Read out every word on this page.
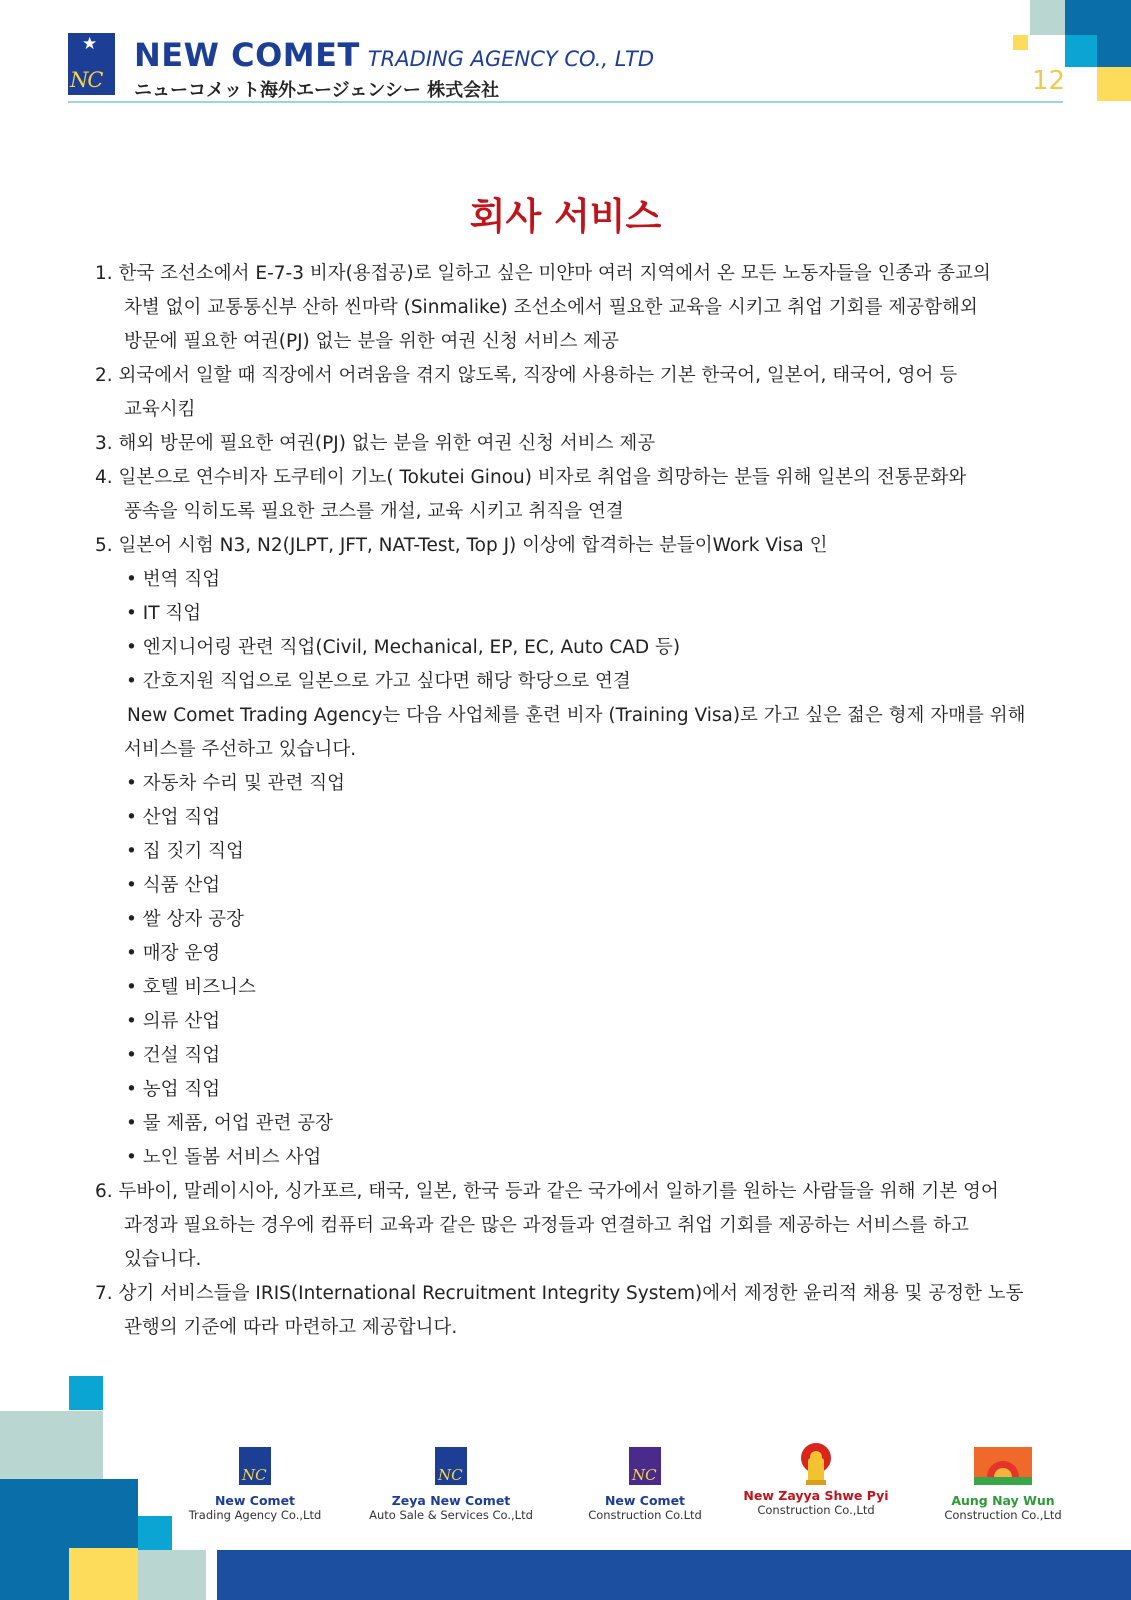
★
NC
NEW COMET TRADING AGENCY CO., LTD
ニューコメット海外エージェンシー 株式会社	12
회사 서비스
1. 한국 조선소에서 E-7-3 비자(용접공)로 일하고 싶은 미얀마 여러 지역에서 온 모든 노동자들을 인종과 종교의
차별 없이 교통통신부 산하 씬마락 (Sinmalike) 조선소에서 필요한 교육을 시키고 취업 기회를 제공함해외
방문에 필요한 여권(PJ) 없는 분을 위한 여권 신청 서비스 제공
2. 외국에서 일할 때 직장에서 어려움을 겪지 않도록, 직장에 사용하는 기본 한국어, 일본어, 태국어, 영어 등
교육시킴
3. 해외 방문에 필요한 여권(PJ) 없는 분을 위한 여권 신청 서비스 제공
4. 일본으로 연수비자 도쿠테이 기노( Tokutei Ginou) 비자로 취업을 희망하는 분들 위해 일본의 전통문화와
풍속을 익히도록 필요한 코스를 개설, 교육 시키고 취직을 연결
5. 일본어 시험 N3, N2(JLPT, JFT, NAT-Test, Top J) 이상에 합격하는 분들이Work Visa 인
• 번역 직업
• IT 직업
• 엔지니어링 관련 직업(Civil, Mechanical, EP, EC, Auto CAD 등)
• 간호지원 직업으로 일본으로 가고 싶다면 해당 학당으로 연결
New Comet Trading Agency는 다음 사업체를 훈련 비자 (Training Visa)로 가고 싶은 젊은 형제 자매를 위해
서비스를 주선하고 있습니다.
• 자동차 수리 및 관련 직업
• 산업 직업
• 집 짓기 직업
• 식품 산업
• 쌀 상자 공장
• 매장 운영
• 호텔 비즈니스
• 의류 산업
• 건설 직업
• 농업 직업
• 물 제품, 어업 관련 공장
• 노인 돌봄 서비스 사업
6. 두바이, 말레이시아, 싱가포르, 태국, 일본, 한국 등과 같은 국가에서 일하기를 원하는 사람들을 위해 기본 영어
과정과 필요하는 경우에 컴퓨터 교육과 같은 많은 과정들과 연결하고 취업 기회를 제공하는 서비스를 하고
있습니다.
7. 상기 서비스들을 IRIS(International Recruitment Integrity System)에서 제정한 윤리적 채용 및 공정한 노동
관행의 기준에 따라 마련하고 제공합니다.
NC
New Comet
Trading Agency Co.,Ltd
NC
Zeya New Comet
Auto Sale & Services Co.,Ltd
NC
New Comet
Construction Co.Ltd
New Zayya Shwe Pyi
Construction Co.,Ltd
Aung Nay Wun
Construction Co.,Ltd
